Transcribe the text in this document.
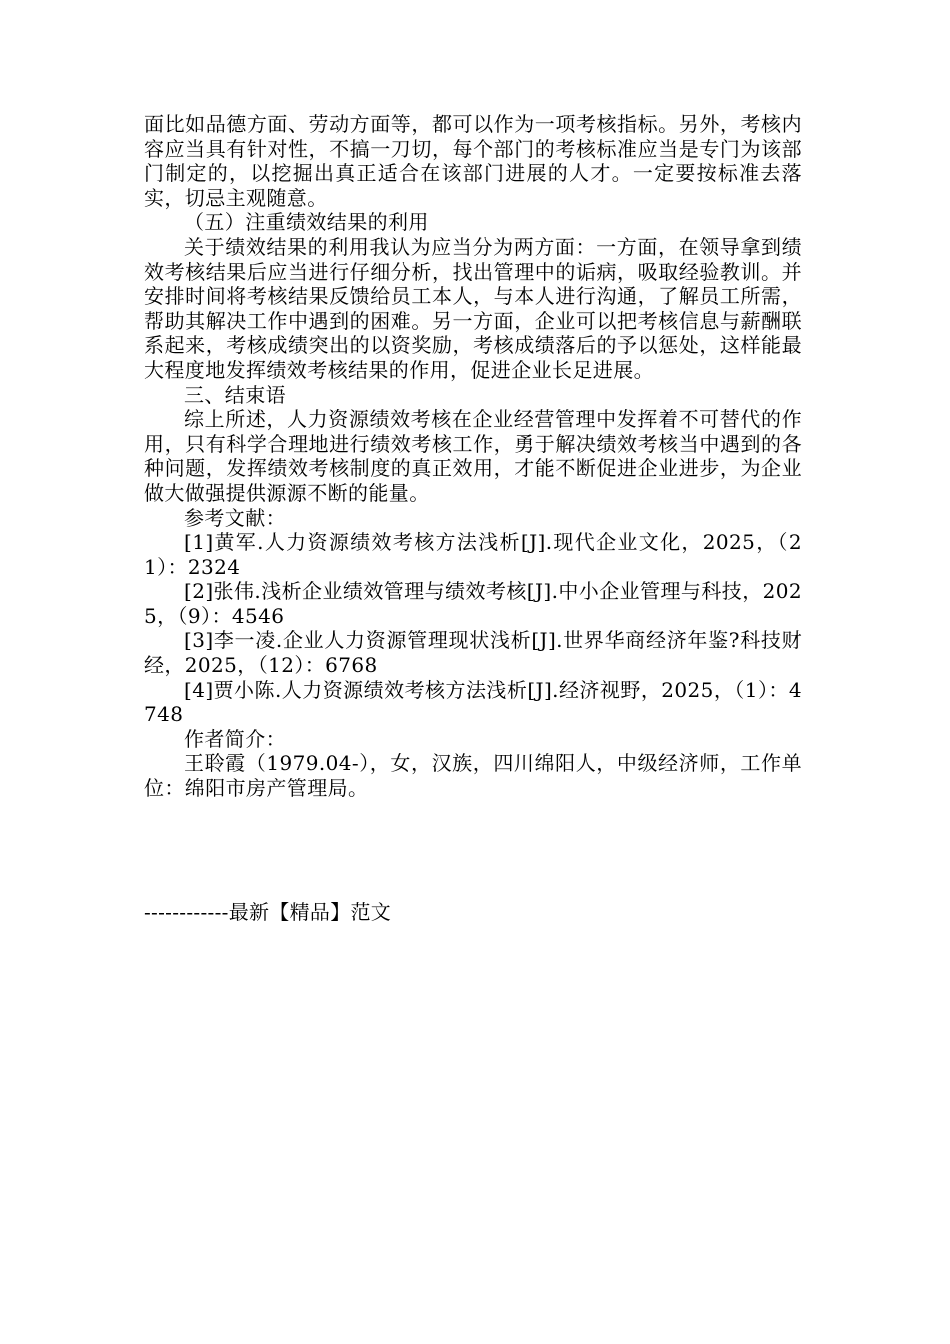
面比如品德方面、劳动方面等，都可以作为一项考核指标。另外，考核内容应当具有针对性，不搞一刀切，每个部门的考核标准应当是专门为该部门制定的，以挖掘出真正适合在该部门进展的人才。一定要按标准去落实，切忌主观随意。

（五）注重绩效结果的利用

关于绩效结果的利用我认为应当分为两方面：一方面，在领导拿到绩效考核结果后应当进行仔细分析，找出管理中的诟病，吸取经验教训。并安排时间将考核结果反馈给员工本人，与本人进行沟通，了解员工所需，帮助其解决工作中遇到的困难。另一方面，企业可以把考核信息与薪酬联系起来，考核成绩突出的以资奖励，考核成绩落后的予以惩处，这样能最大程度地发挥绩效考核结果的作用，促进企业长足进展。

三、结束语

综上所述，人力资源绩效考核在企业经营管理中发挥着不可替代的作用，只有科学合理地进行绩效考核工作，勇于解决绩效考核当中遇到的各种问题，发挥绩效考核制度的真正效用，才能不断促进企业进步，为企业做大做强提供源源不断的能量。

参考文献：

[1]黄军.人力资源绩效考核方法浅析[J].现代企业文化，2025，（21）：2324

[2]张伟.浅析企业绩效管理与绩效考核[J].中小企业管理与科技，2025，（9）：4546

[3]李一凌.企业人力资源管理现状浅析[J].世界华商经济年鉴?科技财经，2025，（12）：6768

[4]贾小陈.人力资源绩效考核方法浅析[J].经济视野，2025，（1）：4748

作者简介：

王聆霞（1979.04-），女，汉族，四川绵阳人，中级经济师，工作单位：绵阳市房产管理局。

------------最新【精品】范文
